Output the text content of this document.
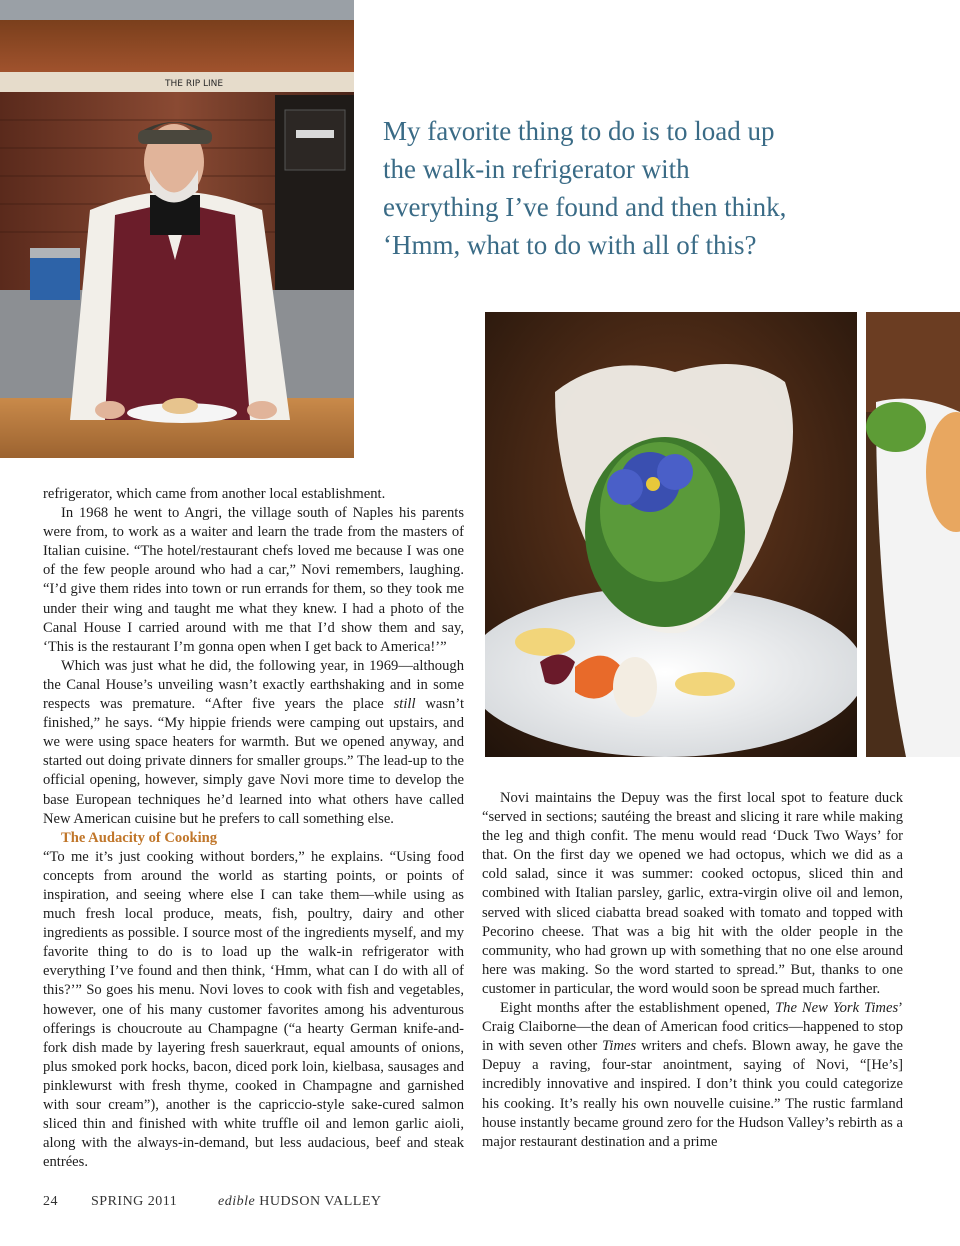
THE RIP LINE

My favorite thing to do is to load up

the walk-in refrigerator with

everything I’ve found and then think,

‘Hmm, what to do with all of this?

refrigerator, which came from another local establishment.

In 1968 he went to Angri, the village south of Naples his parents were from, to work as a waiter and learn the trade from the masters of Italian cuisine. “The hotel/restaurant chefs loved me because I was one of the few people around who had a car,” Novi remembers, laughing. “I’d give them rides into town or run errands for them, so they took me under their wing and taught me what they knew. I had a photo of the Canal House I carried around with me that I’d show them and say, ‘This is the restaurant I’m gonna open when I get back to America!’”

Which was just what he did, the following year, in 1969—although the Canal House’s unveiling wasn’t exactly earthshaking and in some respects was premature. “After five years the place still wasn’t finished,” he says. “My hippie friends were camping out upstairs, and we were using space heaters for warmth. But we opened anyway, and started out doing private dinners for smaller groups.” The lead-up to the official opening, however, simply gave Novi more time to develop the base European techniques he’d learned into what others have called New American cuisine but he prefers to call something else.

The Audacity of Cooking

“To me it’s just cooking without borders,” he explains. “Using food concepts from around the world as starting points, or points of inspiration, and seeing where else I can take them—while using as much fresh local produce, meats, fish, poultry, dairy and other ingredients as possible. I source most of the ingredients myself, and my favorite thing to do is to load up the walk-in refrigerator with everything I’ve found and then think, ‘Hmm, what can I do with all of this?’” So goes his menu. Novi loves to cook with fish and vegetables, however, one of his many customer favorites among his adventurous offerings is choucroute au Champagne (“a hearty German knife-and-fork dish made by layering fresh sauerkraut, equal amounts of onions, plus smoked pork hocks, bacon, diced pork loin, kielbasa, sausages and pinklewurst with fresh thyme, cooked in Champagne and garnished with sour cream”), another is the capriccio-style sake-cured salmon sliced thin and finished with white truffle oil and lemon garlic aioli, along with the always-in-demand, but less audacious, beef and steak entrées.

Novi maintains the Depuy was the first local spot to feature duck “served in sections; sautéing the breast and slicing it rare while making the leg and thigh confit. The menu would read ‘Duck Two Ways’ for that. On the first day we opened we had octopus, which we did as a cold salad, since it was summer: cooked octopus, sliced thin and combined with Italian parsley, garlic, extra-virgin olive oil and lemon, served with sliced ciabatta bread soaked with tomato and topped with Pecorino cheese. That was a big hit with the older people in the community, who had grown up with something that no one else around here was making. So the word started to spread.” But, thanks to one customer in particular, the word would soon be spread much farther.

Eight months after the establishment opened, The New York Times’ Craig Claiborne—the dean of American food critics—happened to stop in with seven other Times writers and chefs. Blown away, he gave the Depuy a raving, four-star anointment, saying of Novi, “[He’s] incredibly innovative and inspired. I don’t think you could categorize his cooking. It’s really his own nouvelle cuisine.” The rustic farmland house instantly became ground zero for the Hudson Valley’s rebirth as a major restaurant destination and a prime

24	SPRING 2011	edible HUDSON VALLEY
